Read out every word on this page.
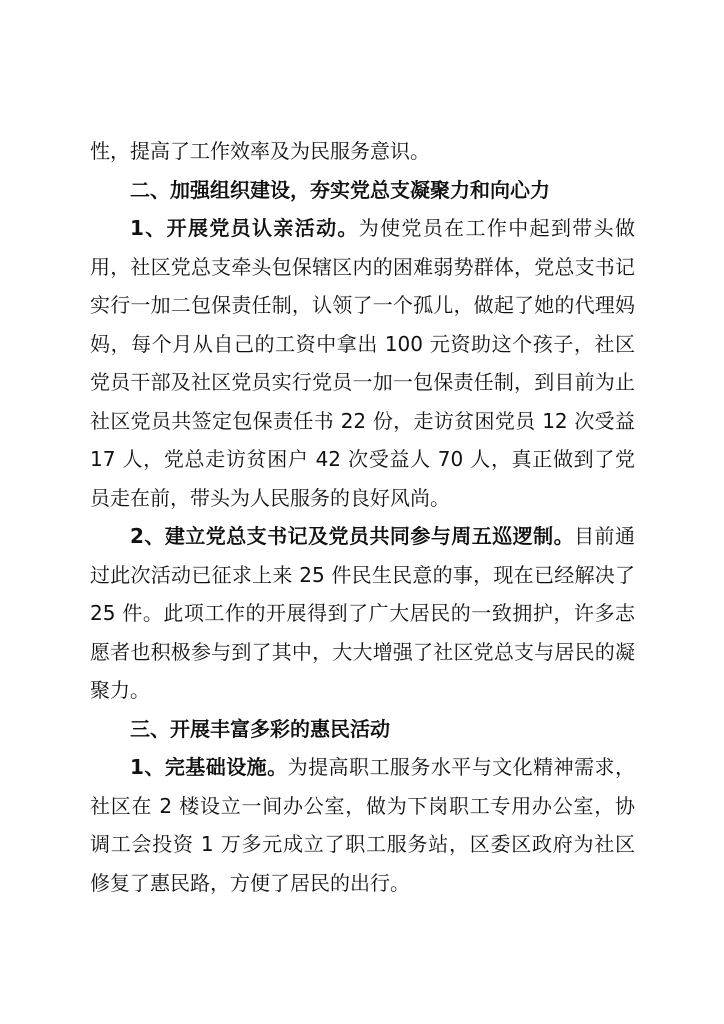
性，提高了工作效率及为民服务意识。

二、加强组织建设，夯实党总支凝聚力和向心力

1、开展党员认亲活动。为使党员在工作中起到带头做用，社区党总支牵头包保辖区内的困难弱势群体，党总支书记实行一加二包保责任制，认领了一个孤儿，做起了她的代理妈妈，每个月从自己的工资中拿出 100 元资助这个孩子，社区党员干部及社区党员实行党员一加一包保责任制，到目前为止社区党员共签定包保责任书 22 份，走访贫困党员 12 次受益 17 人，党总走访贫困户 42 次受益人 70 人，真正做到了党员走在前，带头为人民服务的良好风尚。

2、建立党总支书记及党员共同参与周五巡逻制。目前通过此次活动已征求上来 25 件民生民意的事，现在已经解决了 25 件。此项工作的开展得到了广大居民的一致拥护，许多志愿者也积极参与到了其中，大大增强了社区党总支与居民的凝聚力。

三、开展丰富多彩的惠民活动

1、完基础设施。为提高职工服务水平与文化精神需求，社区在 2 楼设立一间办公室，做为下岗职工专用办公室，协调工会投资 1 万多元成立了职工服务站，区委区政府为社区修复了惠民路，方便了居民的出行。
